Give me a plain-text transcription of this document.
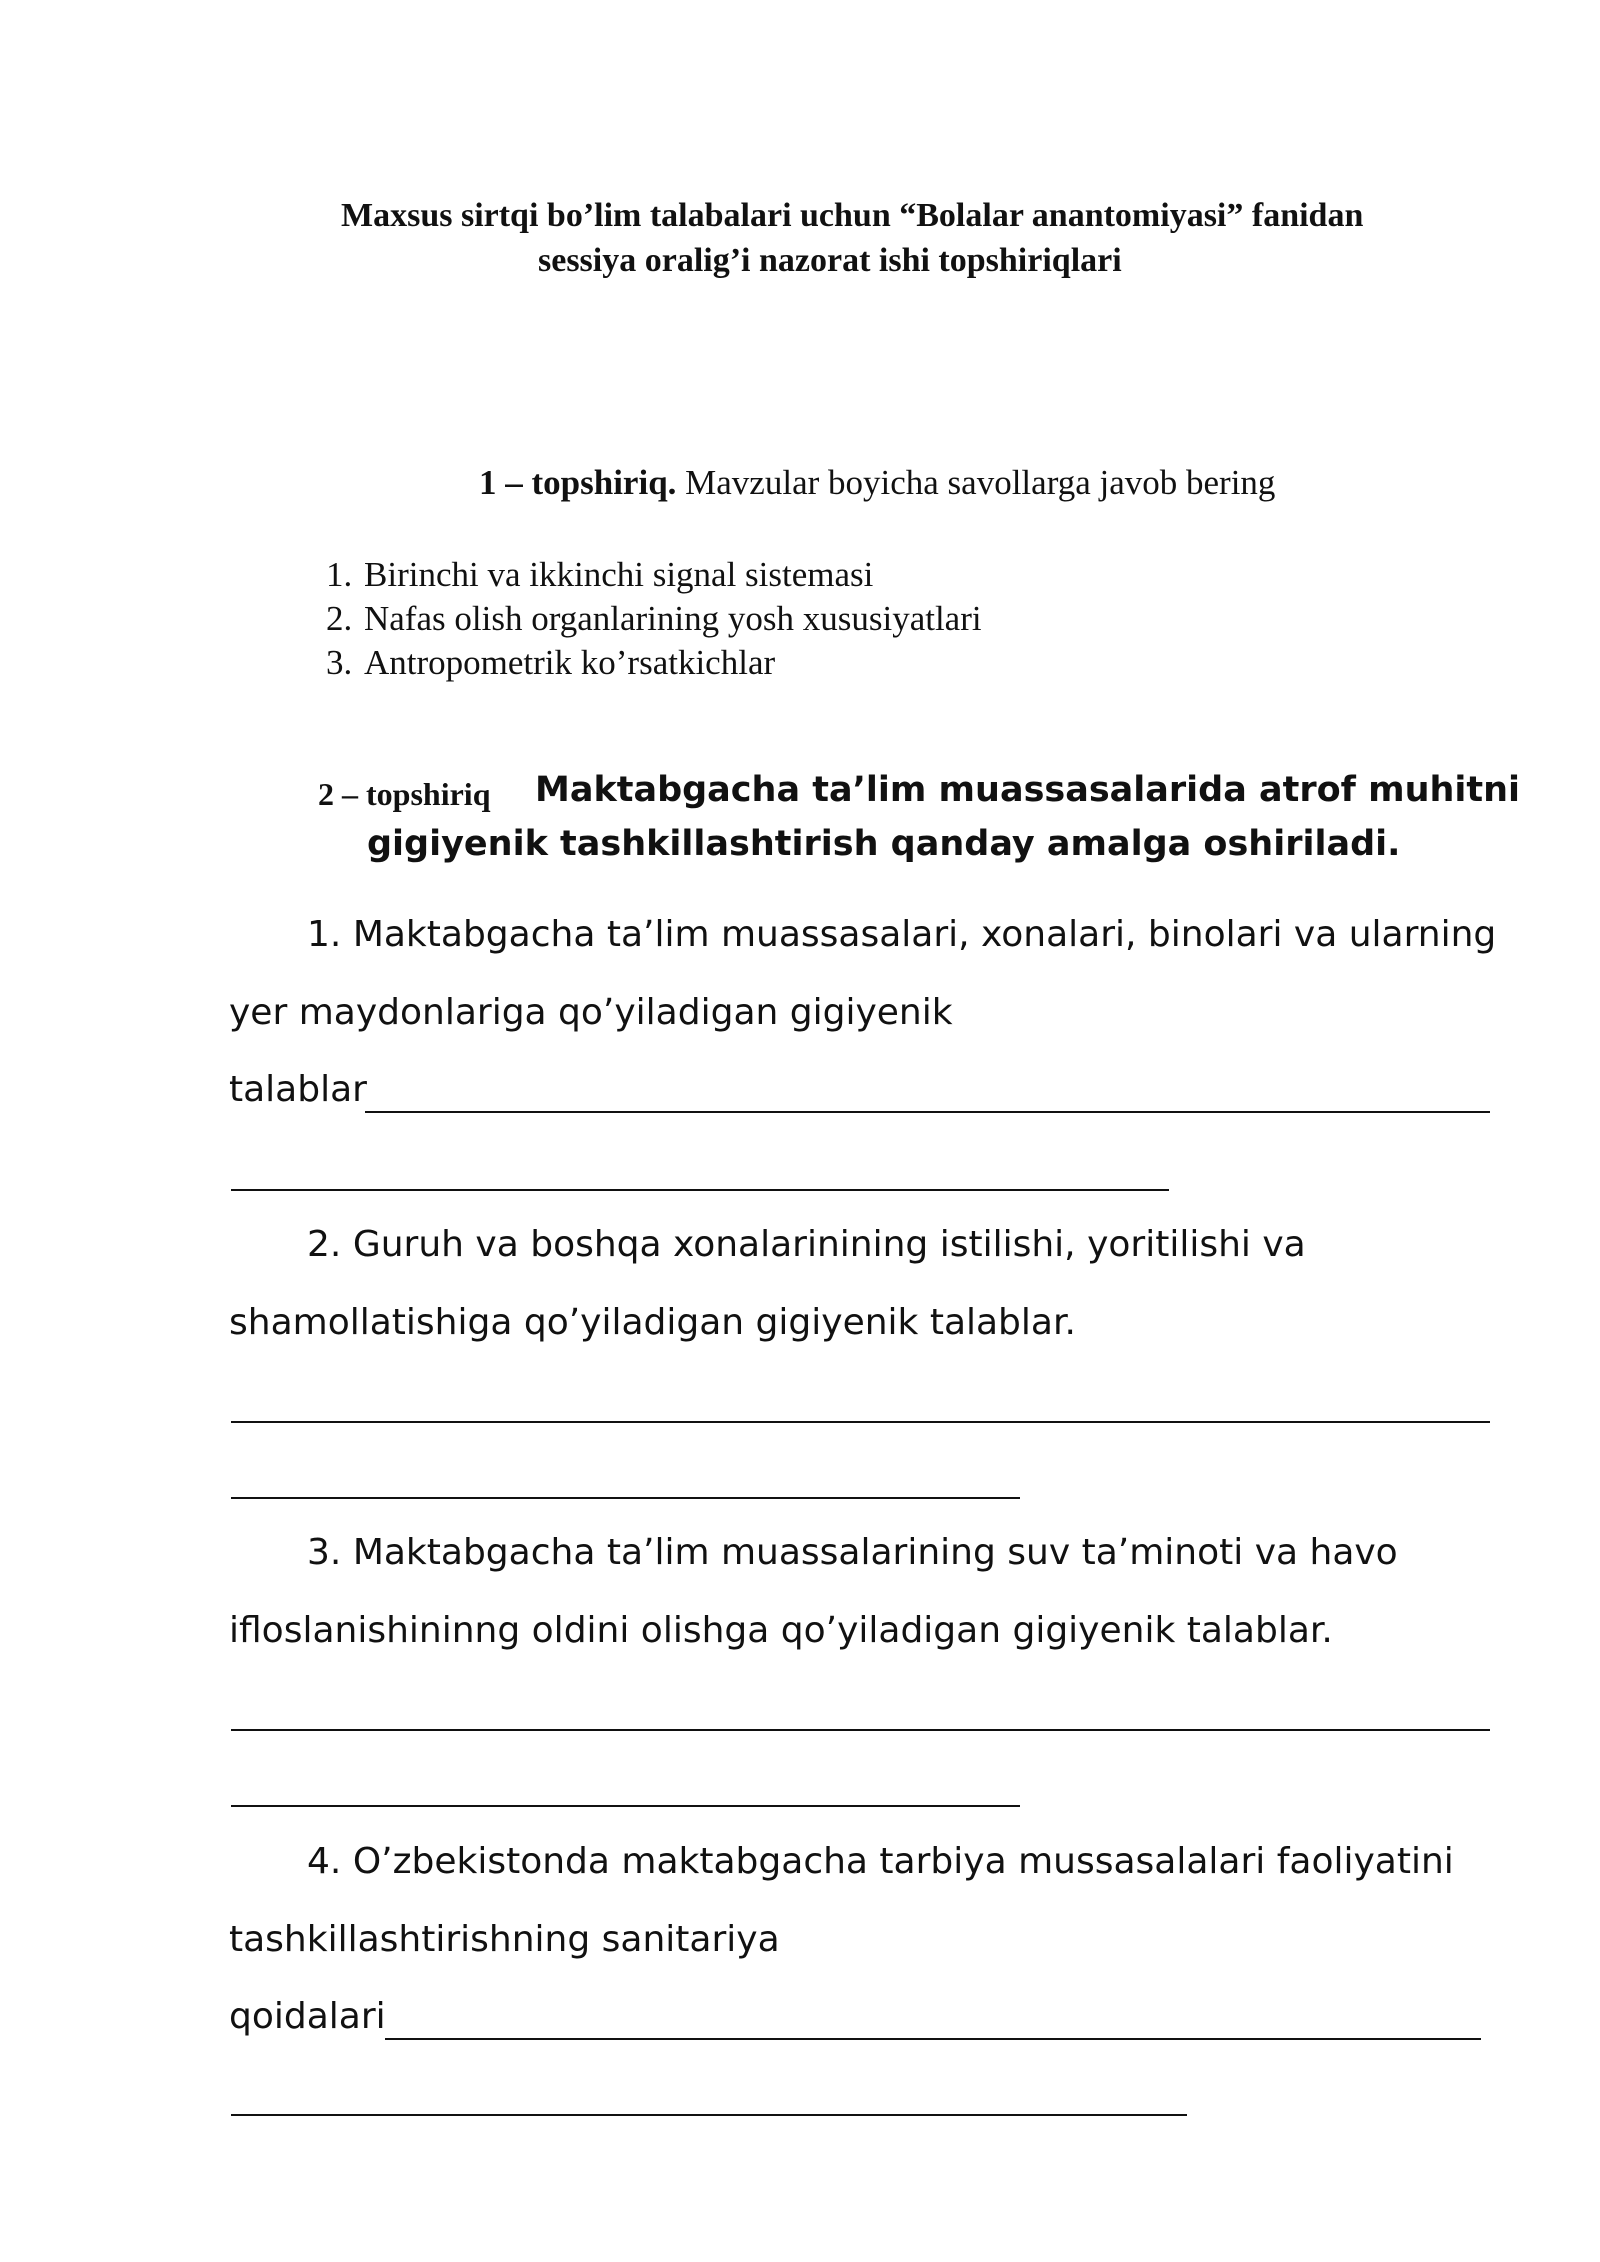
Maxsus sirtqi bo’lim talabalari uchun “Bolalar anantomiyasi” fanidan
sessiya oralig’i nazorat ishi topshiriqlari
1 – topshiriq. Mavzular boyicha savollarga javob bering
1. Birinchi va ikkinchi signal sistemasi
2. Nafas olish organlarining yosh xususiyatlari
3. Antropometrik ko’rsatkichlar
2 – topshiriq Maktabgacha ta’lim muassasalarida atrof muhitni
gigiyenik tashkillashtirish qanday amalga oshiriladi.
1. Maktabgacha ta’lim muassasalari, xonalari, binolari va ularning
yer maydonlariga qo’yiladigan gigiyenik
talablar
2. Guruh va boshqa xonalarinining istilishi, yoritilishi va
shamollatishiga qo’yiladigan gigiyenik talablar.
3. Maktabgacha ta’lim muassalarining suv ta’minoti va havo
ifloslanishininng oldini olishga qo’yiladigan gigiyenik talablar.
4. O’zbekistonda maktabgacha tarbiya mussasalalari faoliyatini
tashkillashtirishning sanitariya
qoidalari
